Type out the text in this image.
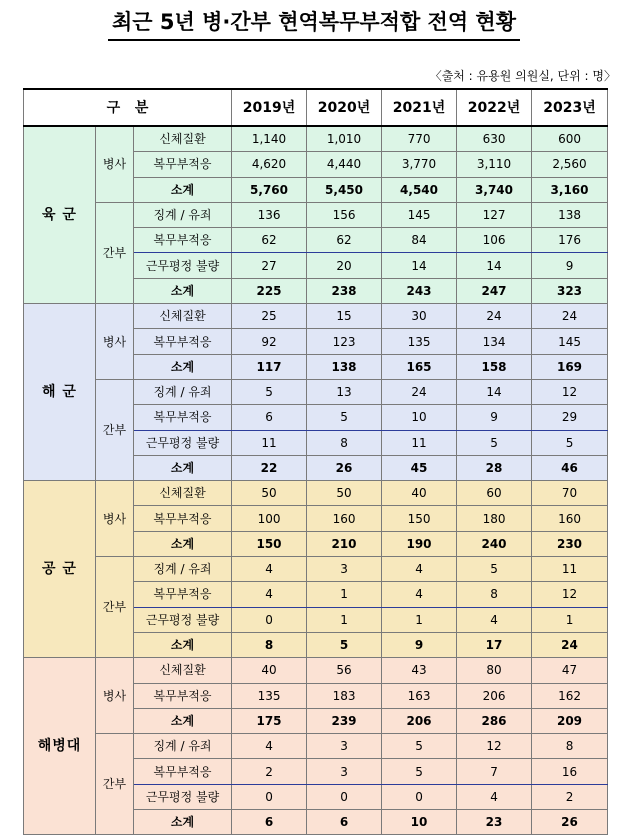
최근 5년 병·간부 현역복무부적합 전역 현황
〈출처 : 유용원 의원실, 단위 : 명〉
구   분			2019년	2020년	2021년	2022년	2023년
육 군	병사	신체질환	1,140	1,010	770	630	600
		복무부적응	4,620	4,440	3,770	3,110	2,560
		소계	5,760	5,450	4,540	3,740	3,160
	간부	징계 / 유죄	136	156	145	127	138
		복무부적응	62	62	84	106	176
		근무평정 불량	27	20	14	14	9
		소계	225	238	243	247	323
해 군	병사	신체질환	25	15	30	24	24
		복무부적응	92	123	135	134	145
		소계	117	138	165	158	169
	간부	징계 / 유죄	5	13	24	14	12
		복무부적응	6	5	10	9	29
		근무평정 불량	11	8	11	5	5
		소계	22	26	45	28	46
공 군	병사	신체질환	50	50	40	60	70
		복무부적응	100	160	150	180	160
		소계	150	210	190	240	230
	간부	징계 / 유죄	4	3	4	5	11
		복무부적응	4	1	4	8	12
		근무평정 불량	0	1	1	4	1
		소계	8	5	9	17	24
해병대	병사	신체질환	40	56	43	80	47
		복무부적응	135	183	163	206	162
		소계	175	239	206	286	209
	간부	징계 / 유죄	4	3	5	12	8
		복무부적응	2	3	5	7	16
		근무평정 불량	0	0	0	4	2
		소계	6	6	10	23	26
